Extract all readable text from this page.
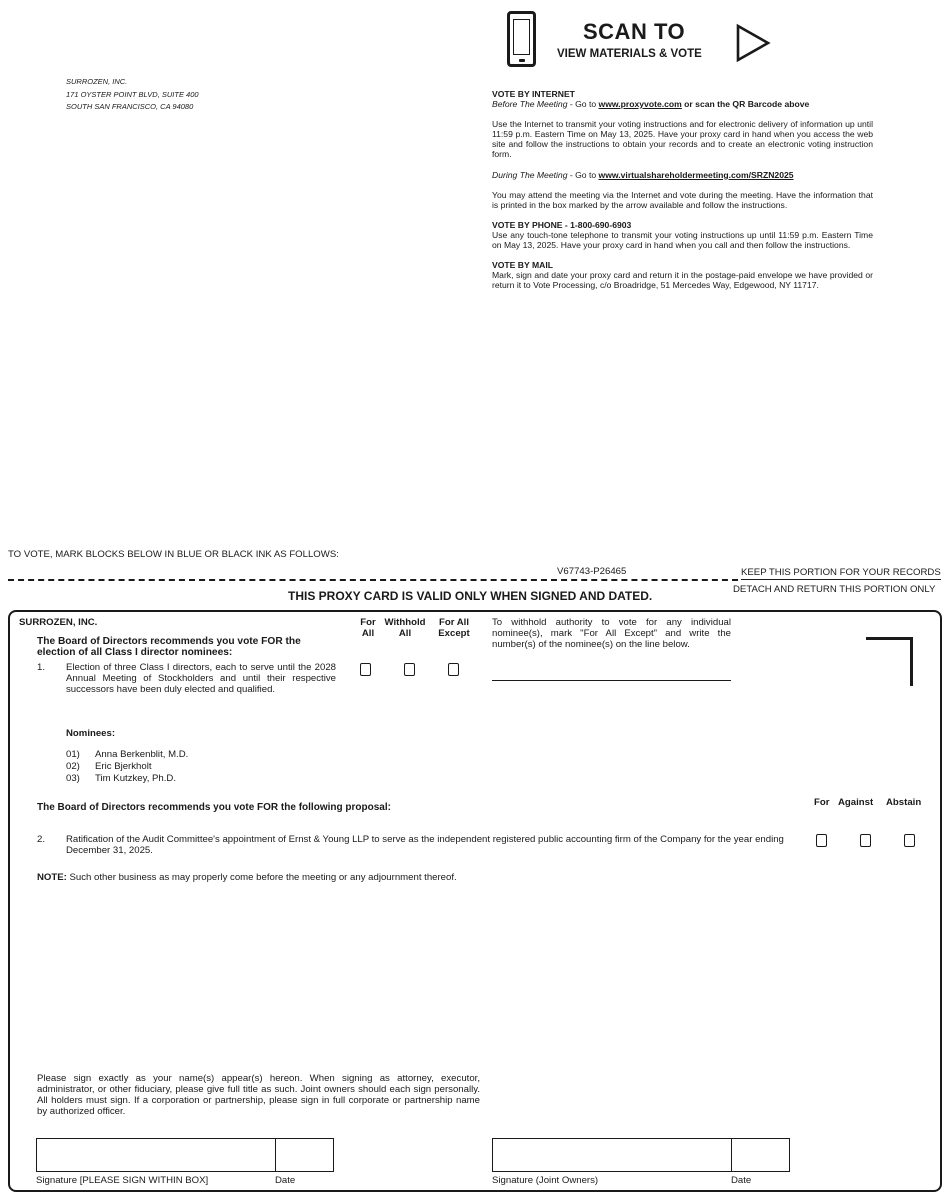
SURROZEN, INC.
171 OYSTER POINT BLVD, SUITE 400
SOUTH SAN FRANCISCO, CA 94080
SCAN TO
VIEW MATERIALS & VOTE

VOTE BY INTERNET

Before The Meeting - Go to www.proxyvote.com or scan the QR Barcode above

Use the Internet to transmit your voting instructions and for electronic delivery of information up until 11:59 p.m. Eastern Time on May 13, 2025. Have your proxy card in hand when you access the web site and follow the instructions to obtain your records and to create an electronic voting instruction form.

During The Meeting - Go to www.virtualshareholdermeeting.com/SRZN2025

You may attend the meeting via the Internet and vote during the meeting. Have the information that is printed in the box marked by the arrow available and follow the instructions.

VOTE BY PHONE - 1-800-690-6903

Use any touch-tone telephone to transmit your voting instructions up until 11:59 p.m. Eastern Time on May 13, 2025. Have your proxy card in hand when you call and then follow the instructions.

VOTE BY MAIL

Mark, sign and date your proxy card and return it in the postage-paid envelope we have provided or return it to Vote Processing, c/o Broadridge, 51 Mercedes Way, Edgewood, NY 11717.

TO VOTE, MARK BLOCKS BELOW IN BLUE OR BLACK INK AS FOLLOWS:
V67743-P26465	KEEP THIS PORTION FOR YOUR RECORDS
THIS PROXY CARD IS VALID ONLY WHEN SIGNED AND DATED.	DETACH AND RETURN THIS PORTION ONLY
SURROZEN, INC.
The Board of Directors recommends you vote FOR the election of all Class I director nominees:
For
All
Withhold
All
For All
Except
1. Election of three Class I directors, each to serve until the 2028 Annual Meeting of Stockholders and until their respective successors have been duly elected and qualified.
To withhold authority to vote for any individual nominee(s), mark "For All Except" and write the number(s) of the nominee(s) on the line below.
Nominees:
01) Anna Berkenblit, M.D.
02) Eric Bjerkholt
03) Tim Kutzkey, Ph.D.
The Board of Directors recommends you vote FOR the following proposal:	For Against Abstain
2. Ratification of the Audit Committee's appointment of Ernst & Young LLP to serve as the independent registered public accounting firm of the Company for the year ending December 31, 2025.
NOTE: Such other business as may properly come before the meeting or any adjournment thereof.
Please sign exactly as your name(s) appear(s) hereon. When signing as attorney, executor, administrator, or other fiduciary, please give full title as such. Joint owners should each sign personally. All holders must sign. If a corporation or partnership, please sign in full corporate or partnership name by authorized officer.
Signature [PLEASE SIGN WITHIN BOX]	Date	Signature (Joint Owners)	Date
